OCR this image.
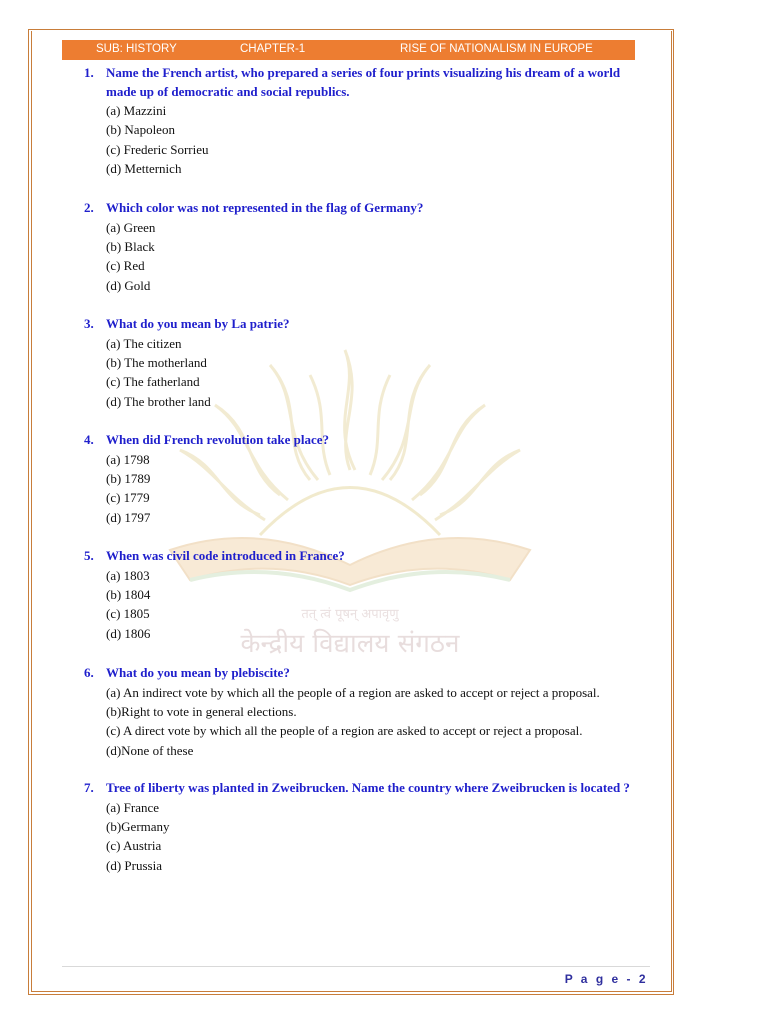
SUB: HISTORY	CHAPTER-1	RISE OF NATIONALISM IN EUROPE
तत् त्वं पूषन् अपावृणु
केन्द्रीय विद्यालय संगठन
1. Name the French artist, who prepared a series of four prints visualizing his dream of a world made up of democratic and social republics.
(a) Mazzini
(b) Napoleon
(c) Frederic Sorrieu
(d) Metternich
2. Which color was not represented in the flag of Germany?
(a) Green
(b) Black
(c) Red
(d) Gold
3. What do you mean by La patrie?
(a) The citizen
(b) The motherland
(c) The fatherland
(d) The brother land
4. When did French revolution take place?
(a) 1798
(b) 1789
(c) 1779
(d) 1797
5. When was civil code introduced in France?
(a) 1803
(b) 1804
(c) 1805
(d) 1806
6. What do you mean by plebiscite?
(a) An indirect vote by which all the people of a region are asked to accept or reject a proposal.
(b)Right to vote in general elections.
(c) A direct vote by which all the people of a region are asked to accept or reject a proposal.
(d)None of these
7. Tree of liberty was planted in Zweibrucken. Name the country where Zweibrucken is located ?
(a) France
(b)Germany
(c) Austria
(d) Prussia
P a g e - 2
